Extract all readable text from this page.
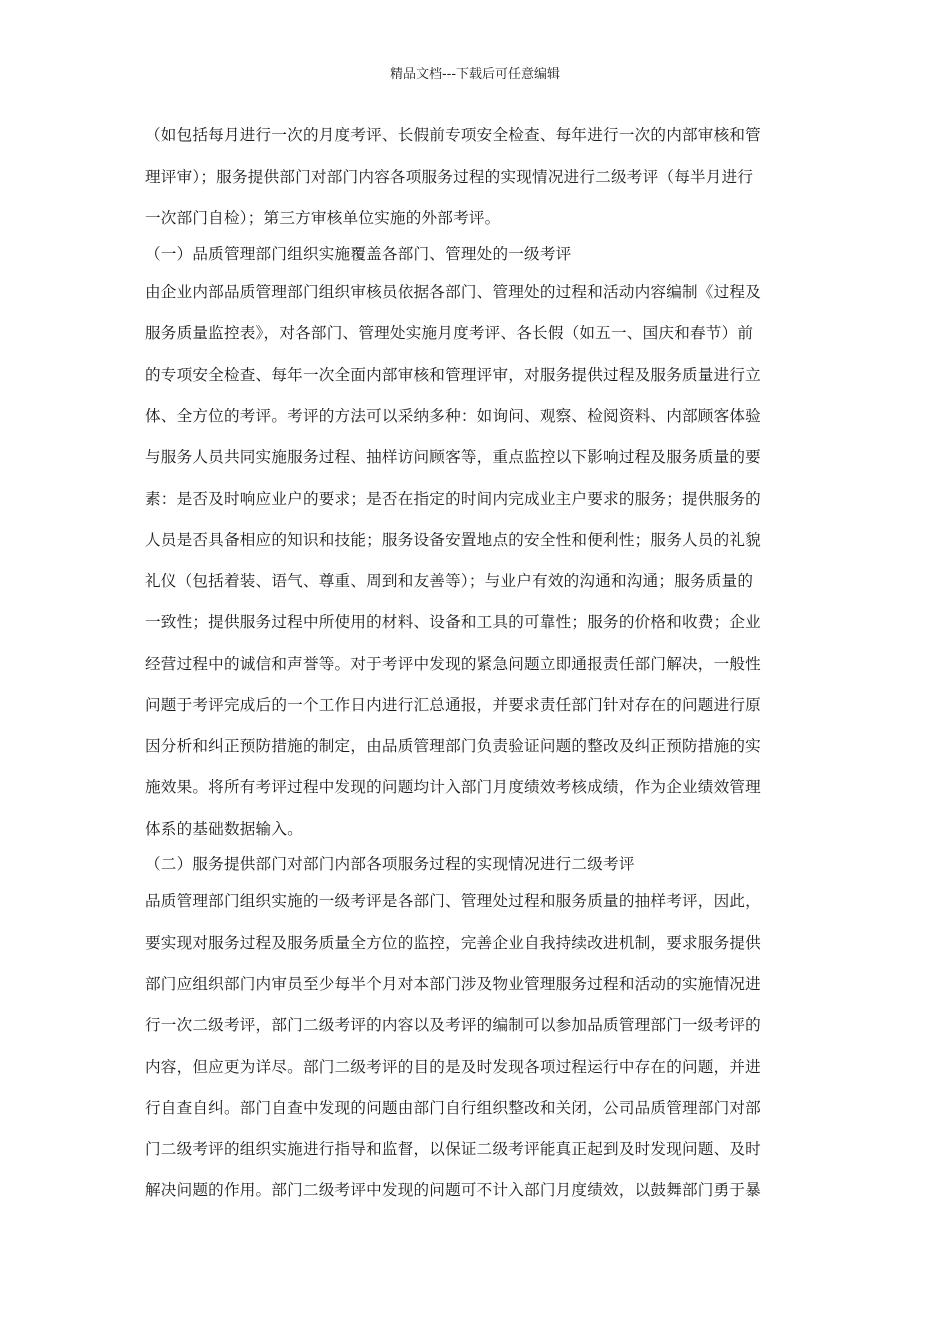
精品文档---下载后可任意编辑
（如包括每月进行一次的月度考评、长假前专项安全检查、每年进行一次的内部审核和管
理评审）；服务提供部门对部门内容各项服务过程的实现情况进行二级考评（每半月进行
一次部门自检）；第三方审核单位实施的外部考评。
（一）品质管理部门组织实施覆盖各部门、管理处的一级考评
由企业内部品质管理部门组织审核员依据各部门、管理处的过程和活动内容编制《过程及
服务质量监控表》，对各部门、管理处实施月度考评、各长假（如五一、国庆和春节）前
的专项安全检查、每年一次全面内部审核和管理评审，对服务提供过程及服务质量进行立
体、全方位的考评。考评的方法可以采纳多种：如询问、观察、检阅资料、内部顾客体验
与服务人员共同实施服务过程、抽样访问顾客等，重点监控以下影响过程及服务质量的要
素：是否及时响应业户的要求；是否在指定的时间内完成业主户要求的服务；提供服务的
人员是否具备相应的知识和技能；服务设备安置地点的安全性和便利性；服务人员的礼貌
礼仪（包括着装、语气、尊重、周到和友善等）；与业户有效的沟通和沟通；服务质量的
一致性；提供服务过程中所使用的材料、设备和工具的可靠性；服务的价格和收费；企业
经营过程中的诚信和声誉等。对于考评中发现的紧急问题立即通报责任部门解决，一般性
问题于考评完成后的一个工作日内进行汇总通报，并要求责任部门针对存在的问题进行原
因分析和纠正预防措施的制定，由品质管理部门负责验证问题的整改及纠正预防措施的实
施效果。将所有考评过程中发现的问题均计入部门月度绩效考核成绩，作为企业绩效管理
体系的基础数据输入。
（二）服务提供部门对部门内部各项服务过程的实现情况进行二级考评
品质管理部门组织实施的一级考评是各部门、管理处过程和服务质量的抽样考评，因此，
要实现对服务过程及服务质量全方位的监控，完善企业自我持续改进机制，要求服务提供
部门应组织部门内审员至少每半个月对本部门涉及物业管理服务过程和活动的实施情况进
行一次二级考评，部门二级考评的内容以及考评的编制可以参加品质管理部门一级考评的
内容，但应更为详尽。部门二级考评的目的是及时发现各项过程运行中存在的问题，并进
行自查自纠。部门自查中发现的问题由部门自行组织整改和关闭，公司品质管理部门对部
门二级考评的组织实施进行指导和监督，以保证二级考评能真正起到及时发现问题、及时
解决问题的作用。部门二级考评中发现的问题可不计入部门月度绩效，以鼓舞部门勇于暴
